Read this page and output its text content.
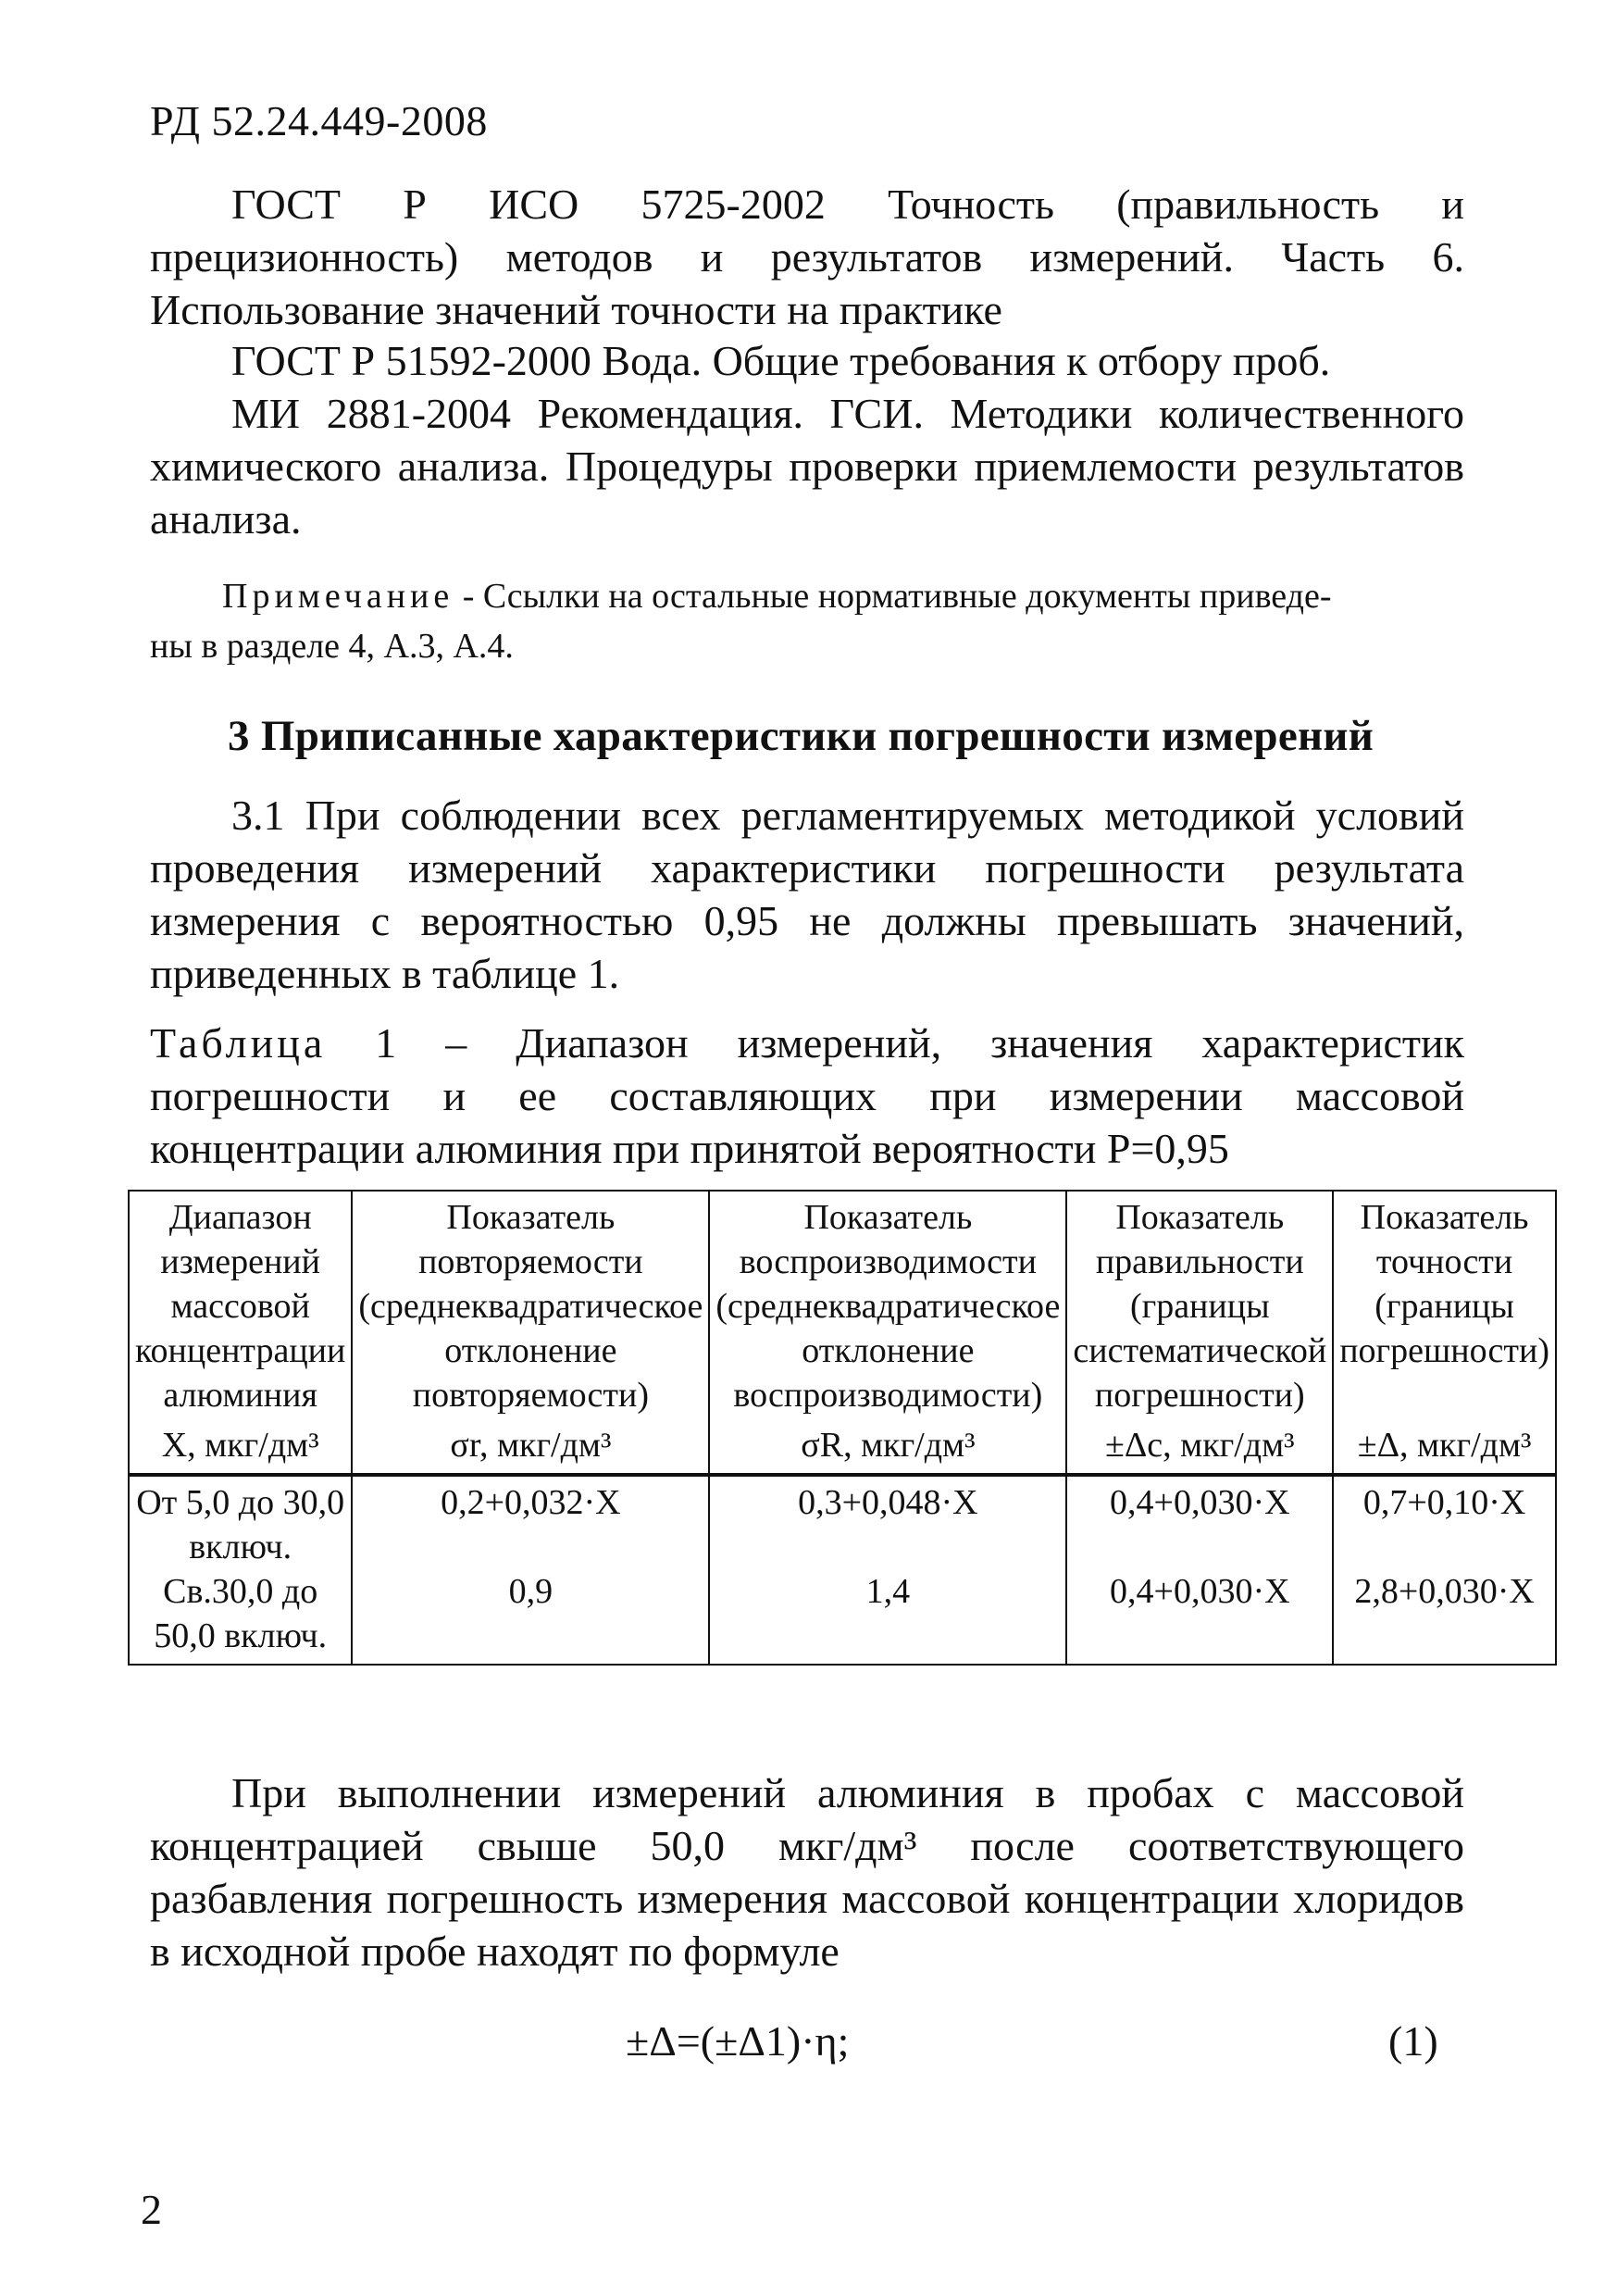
РД 52.24.449-2008
ГОСТ Р ИСО 5725-2002 Точность (правильность и прецизионность) методов и результатов измерений. Часть 6. Использование значений точности на практике
ГОСТ Р 51592-2000 Вода. Общие требования к отбору проб.
МИ 2881-2004 Рекомендация. ГСИ. Методики количественного химического анализа. Процедуры проверки приемлемости результатов анализа.
Примечание - Ссылки на остальные нормативные документы приведе-
ны в разделе 4, А.3, А.4.
3 Приписанные характеристики погрешности измерений
3.1 При соблюдении всех регламентируемых методикой условий проведения измерений характеристики погрешности результата измерения с вероятностью 0,95 не должны превышать значений, приведенных в таблице 1.
Таблица 1 – Диапазон измерений, значения характеристик погрешности и ее составляющих при измерении массовой концентрации алюминия при принятой вероятности Р=0,95
Диапазон измерений массовой концентрации алюминия	Показатель повторяемости (среднеквадратическое отклонение повторяемости)	Показатель воспроизводимости (среднеквадратическое отклонение воспроизводимости)	Показатель правильности (границы систематической погрешности)	Показатель точности (границы погрешности)
X, мкг/дм³	σr, мкг/дм³	σR, мкг/дм³	±Δc, мкг/дм³	±Δ, мкг/дм³
От 5,0 до 30,0 включ.	0,2+0,032·X	0,3+0,048·X	0,4+0,030·X	0,7+0,10·X
Св.30,0 до 50,0 включ.	0,9	1,4	0,4+0,030·X	2,8+0,030·X
При выполнении измерений алюминия в пробах с массовой концентрацией свыше 50,0 мкг/дм³ после соответствующего разбавления погрешность измерения массовой концентрации хлоридов в исходной пробе находят по формуле
±Δ=(±Δ1)·η;	(1)
2
